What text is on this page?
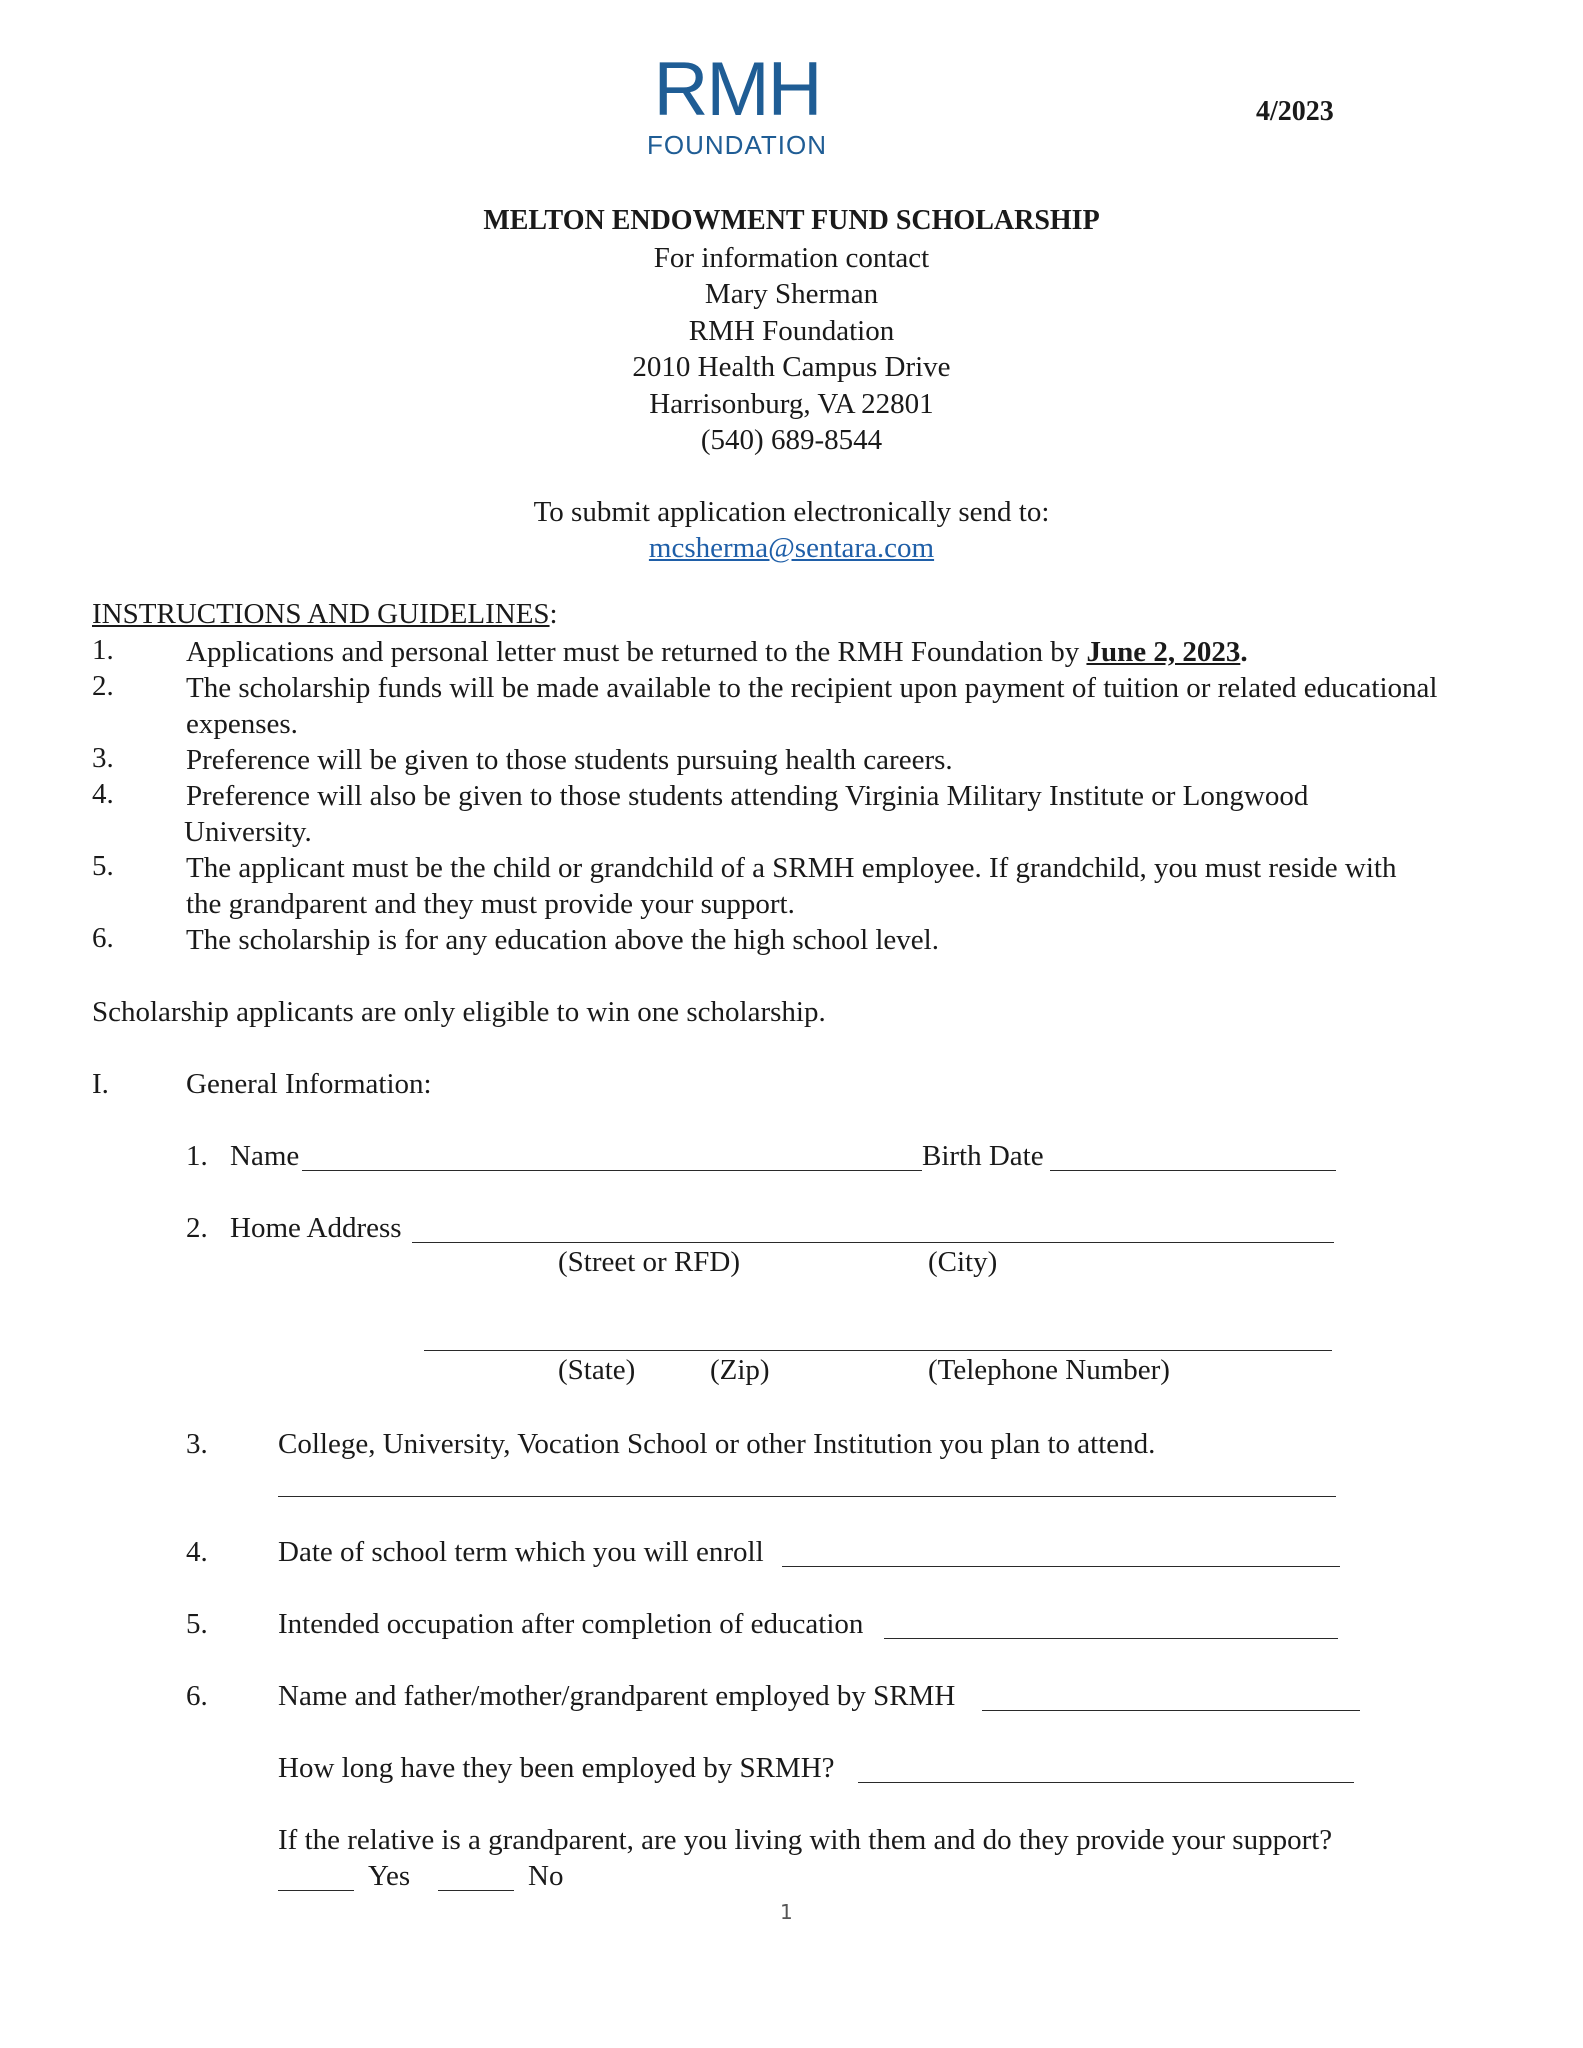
RMH
FOUNDATION
4/2023
MELTON ENDOWMENT FUND SCHOLARSHIP
For information contact
Mary Sherman
RMH Foundation
2010 Health Campus Drive
Harrisonburg, VA 22801
(540) 689-8544
To submit application electronically send to:
mcsherma@sentara.com
INSTRUCTIONS AND GUIDELINES:
1. Applications and personal letter must be returned to the RMH Foundation by June 2, 2023.
2. The scholarship funds will be made available to the recipient upon payment of tuition or related educational
expenses.
3. Preference will be given to those students pursuing health careers.
4. Preference will also be given to those students attending Virginia Military Institute or Longwood
University.
5. The applicant must be the child or grandchild of a SRMH employee. If grandchild, you must reside with
the grandparent and they must provide your support.
6. The scholarship is for any education above the high school level.
Scholarship applicants are only eligible to win one scholarship.
I.	General Information:
1. Name	Birth Date
2. Home Address
(Street or RFD)	(City)
(State)	(Zip)	(Telephone Number)
3. College, University, Vocation School or other Institution you plan to attend.
4. Date of school term which you will enroll
5. Intended occupation after completion of education
6. Name and father/mother/grandparent employed by SRMH
How long have they been employed by SRMH?
If the relative is a grandparent, are you living with them and do they provide your support?
Yes	No
1
